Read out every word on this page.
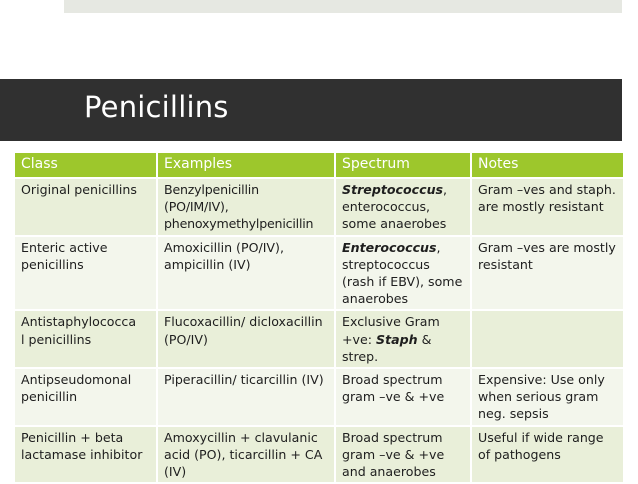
Penicillins
Class	Examples	Spectrum	Notes
Original penicillins	Benzylpenicillin
(PO/IM/IV),
phenoxymethylpenicillin	Streptococcus, enterococcus, some anaerobes	Gram –ves and staph. are mostly resistant
Enteric active penicillins	Amoxicillin (PO/IV), ampicillin (IV)	Enterococcus, streptococcus (rash if EBV), some anaerobes	Gram –ves are mostly resistant
Antistaphylococca
l penicillins	Flucoxacillin/ dicloxacillin (PO/IV)	Exclusive Gram +ve: Staph & strep.	
Antipseudomonal penicillin	Piperacillin/ ticarcillin (IV)	Broad spectrum gram –ve & +ve	Expensive: Use only when serious gram neg. sepsis
Penicillin + beta lactamase inhibitor	Amoxycillin + clavulanic acid (PO), ticarcillin + CA (IV)	Broad spectrum
gram –ve & +ve
and anaerobes	Useful if wide range of pathogens
